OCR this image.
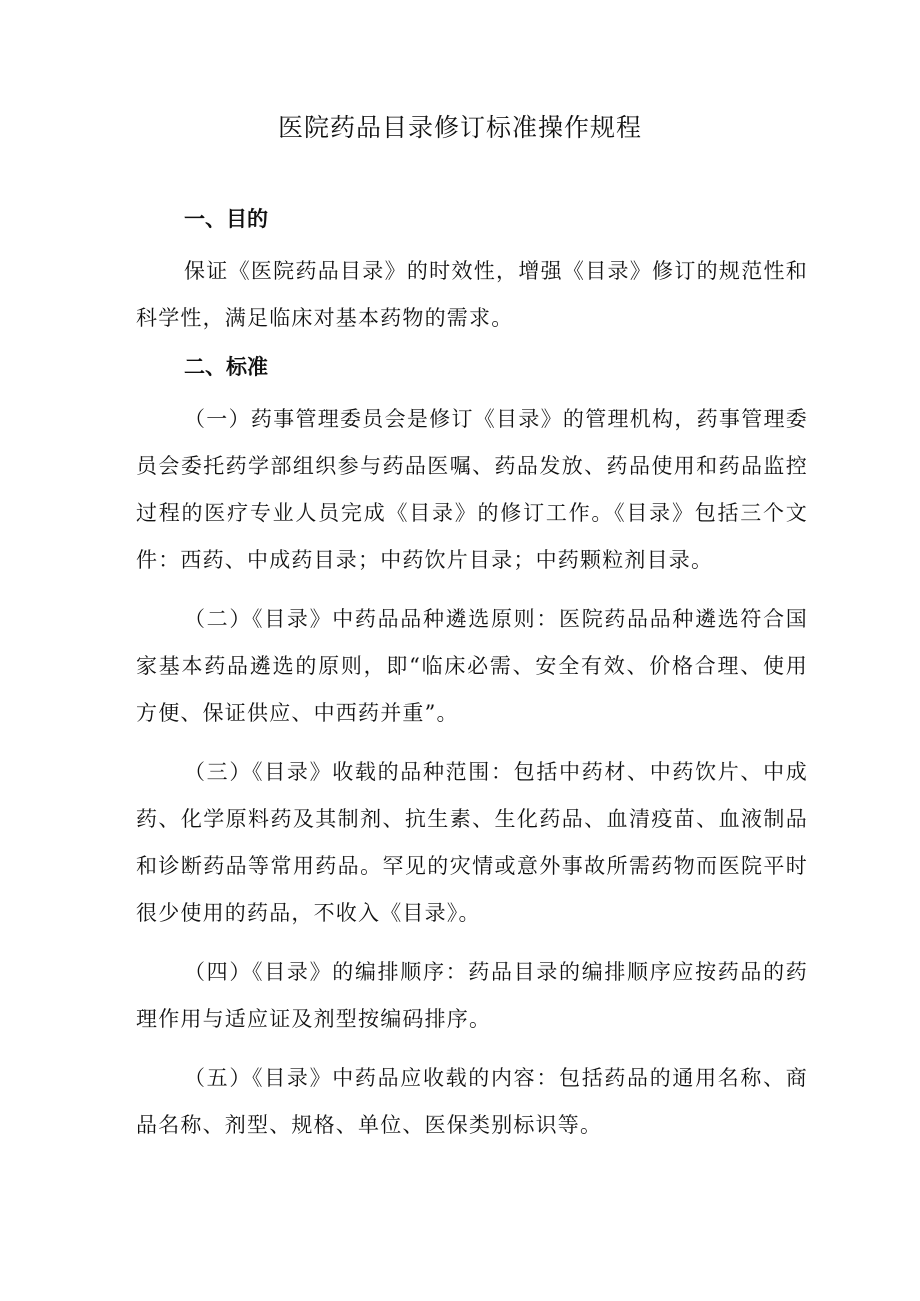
医院药品目录修订标准操作规程
一、目的

保证《医院药品目录》的时效性，增强《目录》修订的规范性和科学性，满足临床对基本药物的需求。

二、标准

（一）药事管理委员会是修订《目录》的管理机构，药事管理委员会委托药学部组织参与药品医嘱、药品发放、药品使用和药品监控过程的医疗专业人员完成《目录》的修订工作。《目录》包括三个文件：西药、中成药目录；中药饮片目录；中药颗粒剂目录。

（二）《目录》中药品品种遴选原则：医院药品品种遴选符合国家基本药品遴选的原则，即“临床必需、安全有效、价格合理、使用方便、保证供应、中西药并重”。

（三）《目录》收载的品种范围：包括中药材、中药饮片、中成药、化学原料药及其制剂、抗生素、生化药品、血清疫苗、血液制品和诊断药品等常用药品。罕见的灾情或意外事故所需药物而医院平时很少使用的药品，不收入《目录》。

（四）《目录》的编排顺序：药品目录的编排顺序应按药品的药理作用与适应证及剂型按编码排序。

（五）《目录》中药品应收载的内容：包括药品的通用名称、商品名称、剂型、规格、单位、医保类别标识等。
